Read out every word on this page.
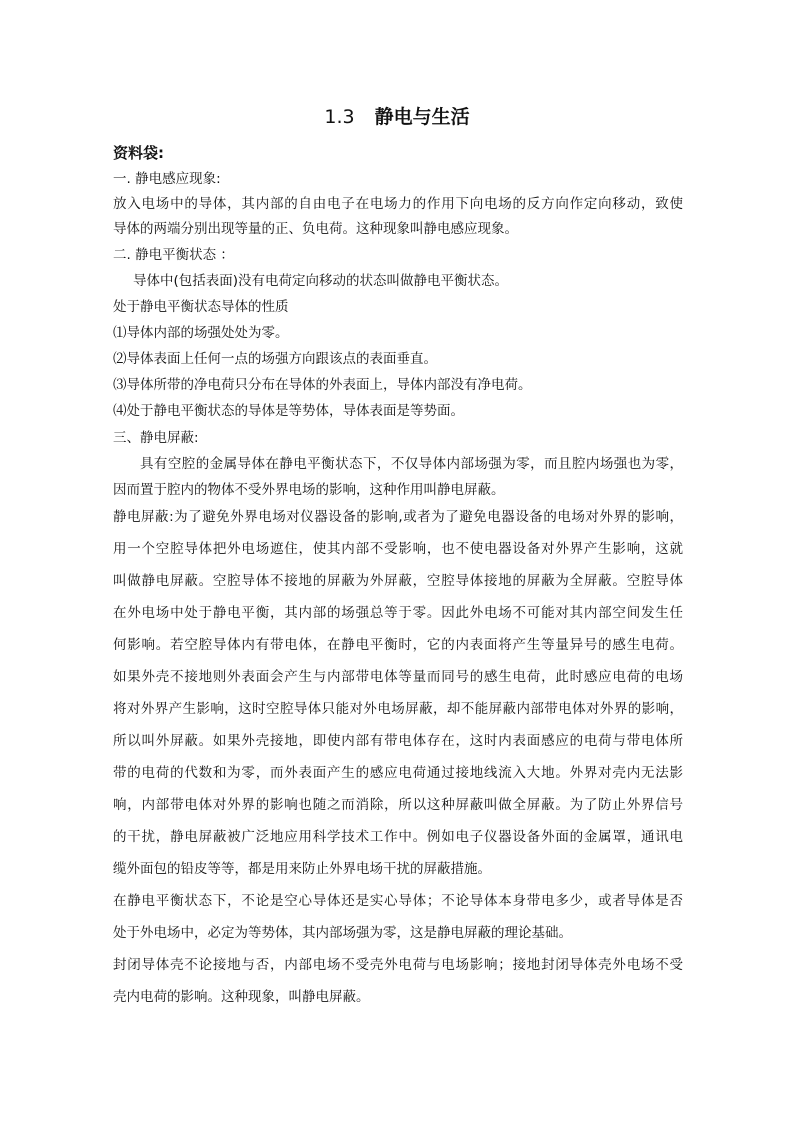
1.3 静电与生活
资料袋:
一. 静电感应现象:
放入电场中的导体，其内部的自由电子在电场力的作用下向电场的反方向作定向移动，致使
导体的两端分别出现等量的正、负电荷。这种现象叫静电感应现象。
二. 静电平衡状态 ：
导体中(包括表面)没有电荷定向移动的状态叫做静电平衡状态。
处于静电平衡状态导体的性质
⑴导体内部的场强处处为零。
⑵导体表面上任何一点的场强方向跟该点的表面垂直。
⑶导体所带的净电荷只分布在导体的外表面上，导体内部没有净电荷。
⑷处于静电平衡状态的导体是等势体，导体表面是等势面。
三、静电屏蔽:
具有空腔的金属导体在静电平衡状态下，不仅导体内部场强为零，而且腔内场强也为零，
因而置于腔内的物体不受外界电场的影响，这种作用叫静电屏蔽。
静电屏蔽:为了避免外界电场对仪器设备的影响,或者为了避免电器设备的电场对外界的影响，
用一个空腔导体把外电场遮住，使其内部不受影响，也不使电器设备对外界产生影响，这就
叫做静电屏蔽。空腔导体不接地的屏蔽为外屏蔽，空腔导体接地的屏蔽为全屏蔽。空腔导体
在外电场中处于静电平衡，其内部的场强总等于零。因此外电场不可能对其内部空间发生任
何影响。若空腔导体内有带电体，在静电平衡时，它的内表面将产生等量异号的感生电荷。
如果外壳不接地则外表面会产生与内部带电体等量而同号的感生电荷，此时感应电荷的电场
将对外界产生影响，这时空腔导体只能对外电场屏蔽，却不能屏蔽内部带电体对外界的影响，
所以叫外屏蔽。如果外壳接地，即使内部有带电体存在，这时内表面感应的电荷与带电体所
带的电荷的代数和为零，而外表面产生的感应电荷通过接地线流入大地。外界对壳内无法影
响，内部带电体对外界的影响也随之而消除，所以这种屏蔽叫做全屏蔽。为了防止外界信号
的干扰，静电屏蔽被广泛地应用科学技术工作中。例如电子仪器设备外面的金属罩，通讯电
缆外面包的铅皮等等，都是用来防止外界电场干扰的屏蔽措施。
在静电平衡状态下，不论是空心导体还是实心导体；不论导体本身带电多少，或者导体是否
处于外电场中，必定为等势体，其内部场强为零，这是静电屏蔽的理论基础。
封闭导体壳不论接地与否，内部电场不受壳外电荷与电场影响；接地封闭导体壳外电场不受
壳内电荷的影响。这种现象，叫静电屏蔽。
